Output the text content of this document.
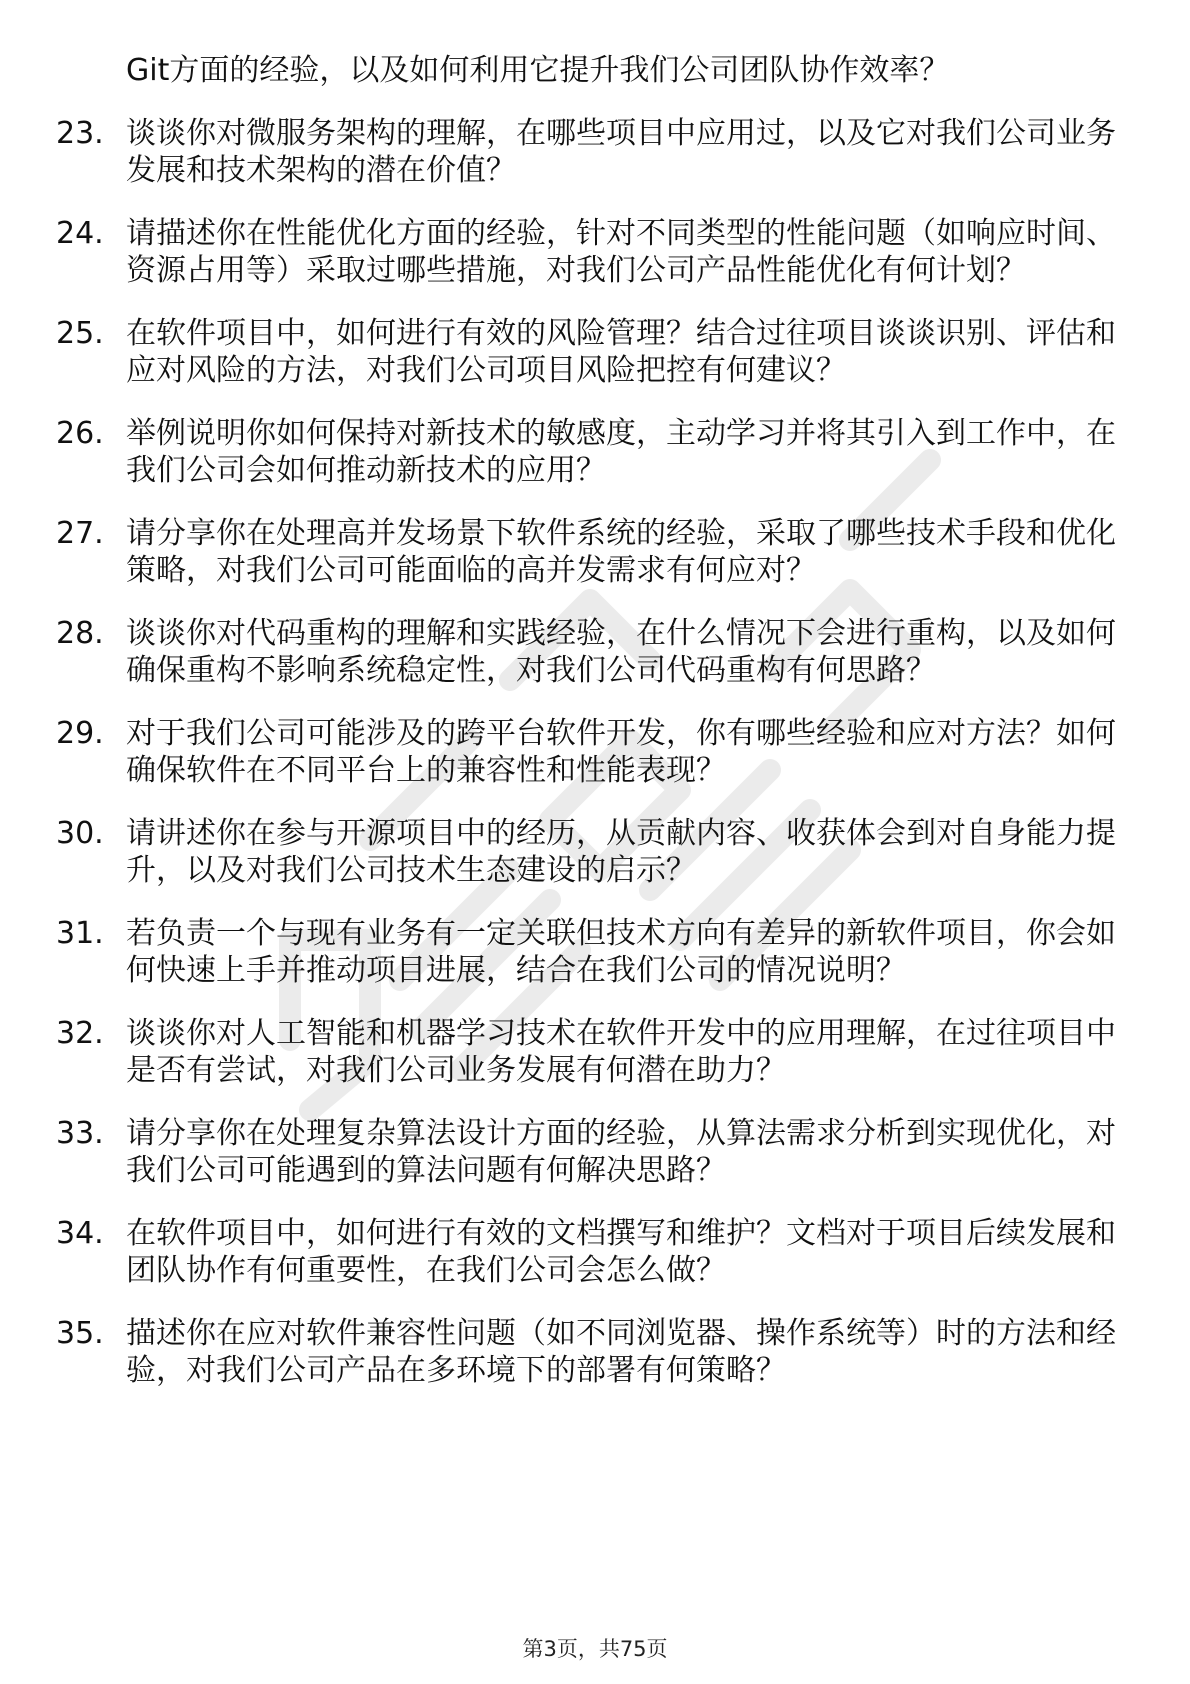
Git方面的经验，以及如何利用它提升我们公司团队协作效率？
23. 谈谈你对微服务架构的理解，在哪些项目中应用过，以及它对我们公司业务发展和技术架构的潜在价值？
24. 请描述你在性能优化方面的经验，针对不同类型的性能问题（如响应时间、资源占用等）采取过哪些措施，对我们公司产品性能优化有何计划？
25. 在软件项目中，如何进行有效的风险管理？结合过往项目谈谈识别、评估和应对风险的方法，对我们公司项目风险把控有何建议？
26. 举例说明你如何保持对新技术的敏感度，主动学习并将其引入到工作中，在我们公司会如何推动新技术的应用？
27. 请分享你在处理高并发场景下软件系统的经验，采取了哪些技术手段和优化策略，对我们公司可能面临的高并发需求有何应对？
28. 谈谈你对代码重构的理解和实践经验，在什么情况下会进行重构，以及如何确保重构不影响系统稳定性，对我们公司代码重构有何思路？
29. 对于我们公司可能涉及的跨平台软件开发，你有哪些经验和应对方法？如何确保软件在不同平台上的兼容性和性能表现？
30. 请讲述你在参与开源项目中的经历，从贡献内容、收获体会到对自身能力提升，以及对我们公司技术生态建设的启示？
31. 若负责一个与现有业务有一定关联但技术方向有差异的新软件项目，你会如何快速上手并推动项目进展，结合在我们公司的情况说明？
32. 谈谈你对人工智能和机器学习技术在软件开发中的应用理解，在过往项目中是否有尝试，对我们公司业务发展有何潜在助力？
33. 请分享你在处理复杂算法设计方面的经验，从算法需求分析到实现优化，对我们公司可能遇到的算法问题有何解决思路？
34. 在软件项目中，如何进行有效的文档撰写和维护？文档对于项目后续发展和团队协作有何重要性，在我们公司会怎么做？
35. 描述你在应对软件兼容性问题（如不同浏览器、操作系统等）时的方法和经验，对我们公司产品在多环境下的部署有何策略？
第3页，共75页
